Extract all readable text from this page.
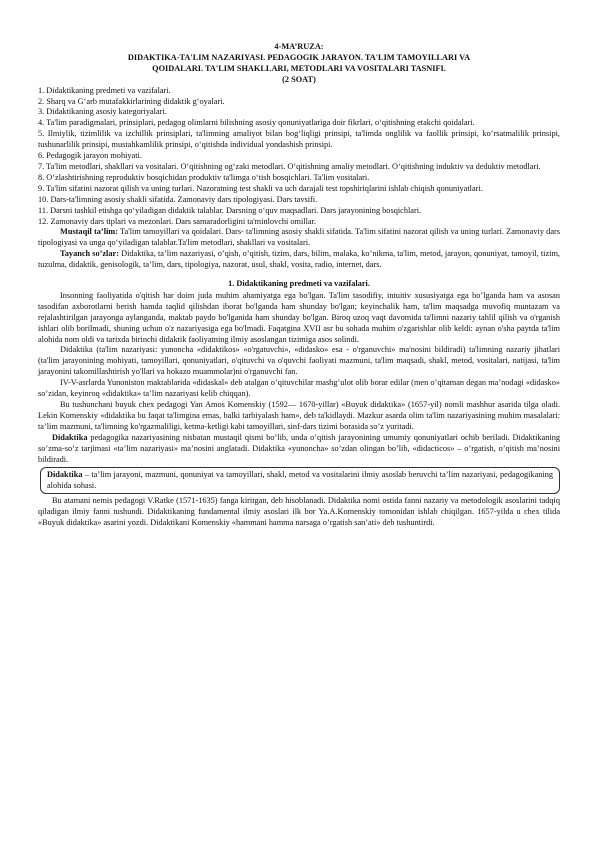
4-MA’RUZA:

DIDAKTIKA-TA'LIM NAZARIYASI. PEDAGOGIK JARAYON. TA'LIM TAMOYILLARI VA

QOIDALARI. TA'LIM SHAKLLARI, METODLARI VA VOSITALARI TASNIFI.

(2 SOAT)

1. Didaktikaning predmeti va vazifalari.

2. Sharq va G‘arb mutafakkirlarining didaktik g‘oyalari.

3. Didaktikaning asosiy kategoriyalari.

4. Ta'lim paradigmalari, prinsiplari, pedagog olimlarni bilishning asosiy qonuniyatlariga doir fikrlari, o‘qitishning etakchi qoidalari.

5. Ilmiylik, tizimlilik va izchillik prinsiplari, ta'limning amaliyot bilan bog‘liqligi prinsipi, ta'limda onglilik va faollik prinsipi, ko‘rsatmalilik prinsipi, tushunarlilik prinsipi, mustahkamlilik prinsipi, o‘qitishda individual yondashish prinsipi.

6. Pedagogik jarayon mohiyati.

7. Ta'lim metodlari, shakllari va vositalari. O‘qitishning og‘zaki metodlari. O‘qitishning amaliy metodlari. O‘qitishning induktiv va deduktiv metodlari.

8. O‘zlashtirishning reproduktiv bosqichidan produktiv ta'limga o‘tish bosqichlari. Ta'lim vositalari.

9. Ta'lim sifatini nazorat qilish va uning turlari. Nazoratning test shakli va uch darajali test topshiriqlarini ishlab chiqish qonuniyatlari.

10. Dars-ta'limning asosiy shakli sifatida. Zamonaviy dars tipologiyasi. Dars tavsifi.

11. Darsni tashkil etishga qo‘yiladigan didaktik talablar. Darsning o‘quv maqsadlari. Dars jarayonining bosqichlari.

12. Zamonaviy dars tiplari va mezonlari. Dars samaradorligini ta'minlovchi omillar.

Mustaqil ta’lim: Ta'lim tamoyillari va qoidalari. Dars- ta'limning asosiy shakli sifatida. Ta'lim sifatini nazorat qilish va uning turlari. Zamonaviy dars tipologiyasi va unga qo‘yiladigan talablar.Ta'lim metodlari, shakllari va vositalari.

Tayanch so’zlar: Didaktika, ta’lim nazariyasi, o’qish, o’qitish, tizim, dars, bilim, malaka, ko’nikma, ta'lim, metod, jarayon, qonuniyat, tamoyil, tizim, tuzulma, didaktik, genisologik, ta’lim, dars, tipologiya, nazorat, usul, shakl, vosita, radio, internet, dars.

1. Didaktikaning predmeti va vazifalari.

Insonning faoliyatida o'qitish har doim juda muhim ahamiyatga ega bo'lgan. Ta'lim tasodifiy, intuitiv xususiyatga ega bo’lganda ham va asosan tasodifan axborotlarni berish hamda taqlid qilishdan iborat bo'lganda ham shunday bo'lgan; keyinchalik ham, ta'lim maqsadga muvofiq muntazam va rejalashtirilgan jarayonga aylanganda, maktab paydo bo'lganida ham shunday bo'lgan. Biroq uzoq vaqt davomida ta'limni nazariy tahlil qilish va o'rganish ishlari olib borilmadi, shuning uchun o'z nazariyasiga ega bo'lmadi. Faqatgina XVII asr bu sohada muhim o'zgarishlar olib keldi: aynan o'sha paytda ta'lim alohida nom oldi va tarixda birinchi didaktik faoliyatning ilmiy asoslangan tizimiga asos solindi.

Didaktika (ta'lim nazariyasi: yunoncha «didaktikos» «o'rgatuvchi», «didasko» esa - o'rganuvchi» ma'nosini bildiradi) ta'limning nazariy jihatlari (ta'lim jarayonining mohiyati, tamoyillari, qonuniyatlari, o'qituvchi va o'quvchi faoliyati mazmuni, ta'lim maqsadi, shakl, metod, vositalari, natijasi, ta'lim jarayonini takomillashtirish yo'llari va hokazo muammolar)ni o'rganuvchi fan.

IV-V-asrlarda Yunoniston maktablarida «didaskal» deb atalgan o’qituvchilar mashg’ulot olib borar edilar (men o’qitaman degan ma’nodagi «didasko» so’zidan, keyinroq «didaktika» ta’lim nazariyasi kelib chiqqan).

Bu tushunchani buyuk chex pedagogi Yan Amos Komenskiy (1592— 1670-yillar) «Buyuk didaktika» (1657-yil) nomli mashhur asarida tilga oladi. Lekin Komenskiy «didaktika bu faqat ta'limgina emas, balki tarbiyalash ham», deb ta'kidlaydi. Mazkur asarda olim ta'lim nazariyasining muhim masalalari: ta’lim mazmuni, ta'limning ko'rgazmaliligi, ketma-ketligi kabi tamoyillari, sinf-dars tizimi borasida so’z yuritadi.

Didaktika pedagogika nazariyasining nisbatan mustaqil qismi bo’lib, unda o’qitish jarayonining umumiy qonuniyatlari ochib beriladi. Didaktikaning so’zma-so’z tarjimasi «ta’lim nazariyasi» ma’nosini anglatadi. Didaktika «yunoncha» so’zdan olingan bo’lib, «didacticos» – o’rgatish, o’qitish ma’nosini bildiradi.

Didaktika – ta’lim jarayoni, mazmuni, qonuniyat va tamoyillari, shakl, metod va vositalarini ilmiy asoslab beruvchi ta’lim nazariyasi, pedagogikaning alohida sohasi.

Bu atamani nemis pedagogi V.Ratke (1571-1635) fanga kiritgan, deb hisoblanadi. Didaktika nomi ostida fanni nazariy va metodologik asoslarini tadqiq qiladigan ilmiy fanni tushundi. Didaktikaning fundamental ilmiy asoslari ilk bor Ya.A.Komenskiy tomonidan ishlab chiqilgan. 1657-yilda u chex tilida «Buyuk didaktika» asarini yozdi. Didaktikani Komenskiy «hammani hamma narsaga o’rgatish san’ati» deb tushuntirdi.
